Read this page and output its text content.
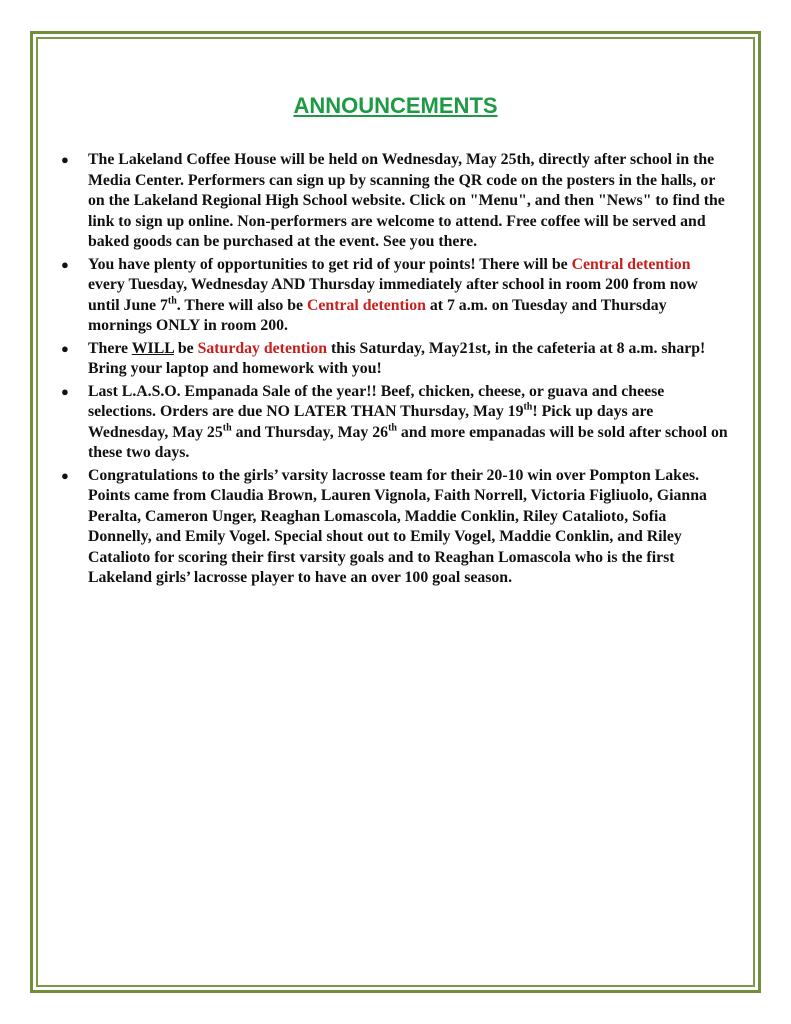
ANNOUNCEMENTS
● The Lakeland Coffee House will be held on Wednesday, May 25th, directly after school in the Media Center. Performers can sign up by scanning the QR code on the posters in the halls, or on the Lakeland Regional High School website. Click on "Menu", and then "News" to find the link to sign up online. Non-performers are welcome to attend. Free coffee will be served and baked goods can be purchased at the event. See you there.
● You have plenty of opportunities to get rid of your points! There will be Central detention every Tuesday, Wednesday AND Thursday immediately after school in room 200 from now until June 7th. There will also be Central detention at 7 a.m. on Tuesday and Thursday mornings ONLY in room 200.
● There WILL be Saturday detention this Saturday, May21st, in the cafeteria at 8 a.m. sharp! Bring your laptop and homework with you!
● Last L.A.S.O. Empanada Sale of the year!! Beef, chicken, cheese, or guava and cheese selections. Orders are due NO LATER THAN Thursday, May 19th! Pick up days are Wednesday, May 25th and Thursday, May 26th and more empanadas will be sold after school on these two days.
● Congratulations to the girls’ varsity lacrosse team for their 20-10 win over Pompton Lakes. Points came from Claudia Brown, Lauren Vignola, Faith Norrell, Victoria Figliuolo, Gianna Peralta, Cameron Unger, Reaghan Lomascola, Maddie Conklin, Riley Catalioto, Sofia Donnelly, and Emily Vogel. Special shout out to Emily Vogel, Maddie Conklin, and Riley Catalioto for scoring their first varsity goals and to Reaghan Lomascola who is the first Lakeland girls’ lacrosse player to have an over 100 goal season.
